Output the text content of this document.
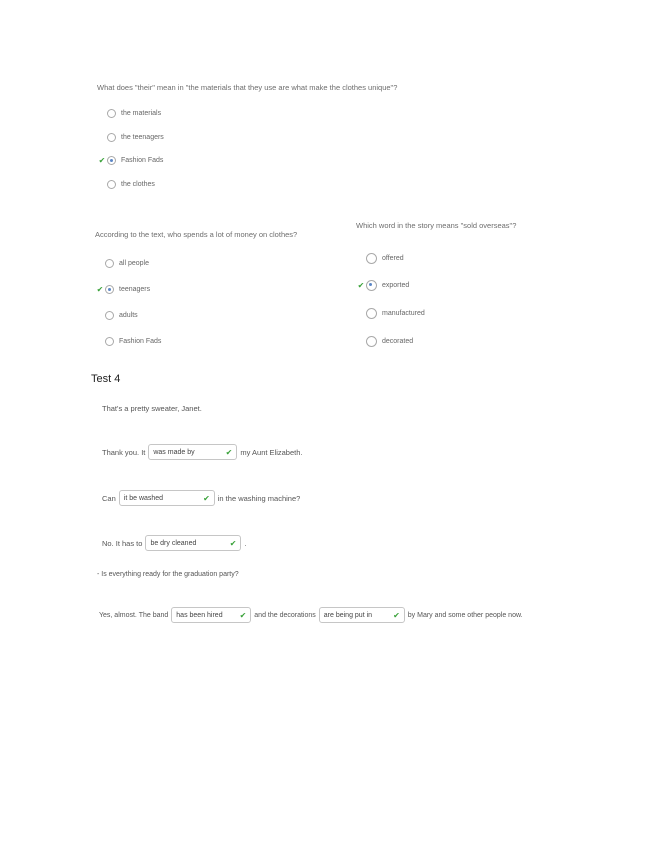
What does "their" mean in "the materials that they use are what make the clothes unique"?
the materials
the teenagers
✔ Fashion Fads
the clothes
According to the text, who spends a lot of money on clothes?
all people
✔ teenagers
adults
Fashion Fads
Which word in the story means "sold overseas"?
offered
✔	exported
manufactured
decorated
Test 4
That's a pretty sweater, Janet.
Thank you. It was made by	✔ my Aunt Elizabeth.
Can it be washed	✔ in the washing machine?
No. It has to be dry cleaned	✔ .
- Is everything ready for the graduation party?
Yes, almost. The band has been hired ✔ and the decorations are being put in	✔ by Mary and some other people now.
